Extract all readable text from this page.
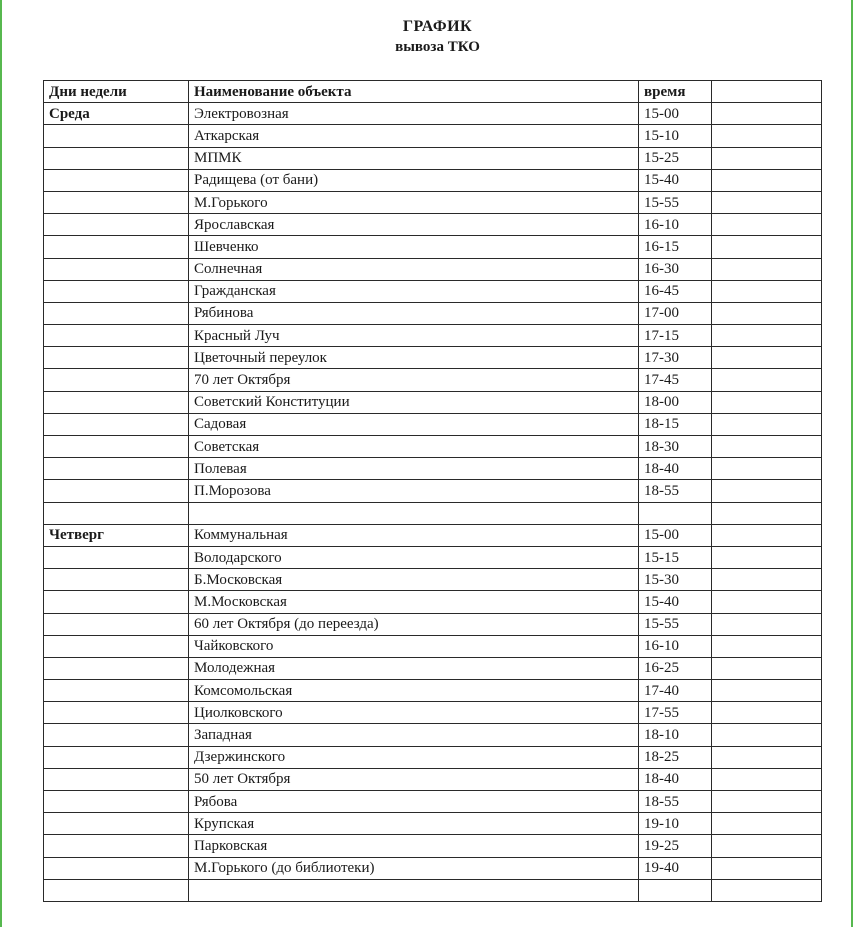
ГРАФИК
вывоза ТКО
Дни недели	Наименование объекта	время	
Среда	Электровозная	15-00	
	Аткарская	15-10	
	МПМК	15-25	
	Радищева (от бани)	15-40	
	М.Горького	15-55	
	Ярославская	16-10	
	Шевченко	16-15	
	Солнечная	16-30	
	Гражданская	16-45	
	Рябинова	17-00	
	Красный Луч	17-15	
	Цветочный переулок	17-30	
	70 лет Октября	17-45	
	Советский Конституции	18-00	
	Садовая	18-15	
	Советская	18-30	
	Полевая	18-40	
	П.Морозова	18-55	

Четверг	Коммунальная	15-00	
	Володарского	15-15	
	Б.Московская	15-30	
	М.Московская	15-40	
	60 лет Октября (до переезда)	15-55	
	Чайковского	16-10	
	Молодежная	16-25	
	Комсомольская	17-40	
	Циолковского	17-55	
	Западная	18-10	
	Дзержинского	18-25	
	50 лет Октября	18-40	
	Рябова	18-55	
	Крупская	19-10	
	Парковская	19-25	
	М.Горького (до библиотеки)	19-40	
